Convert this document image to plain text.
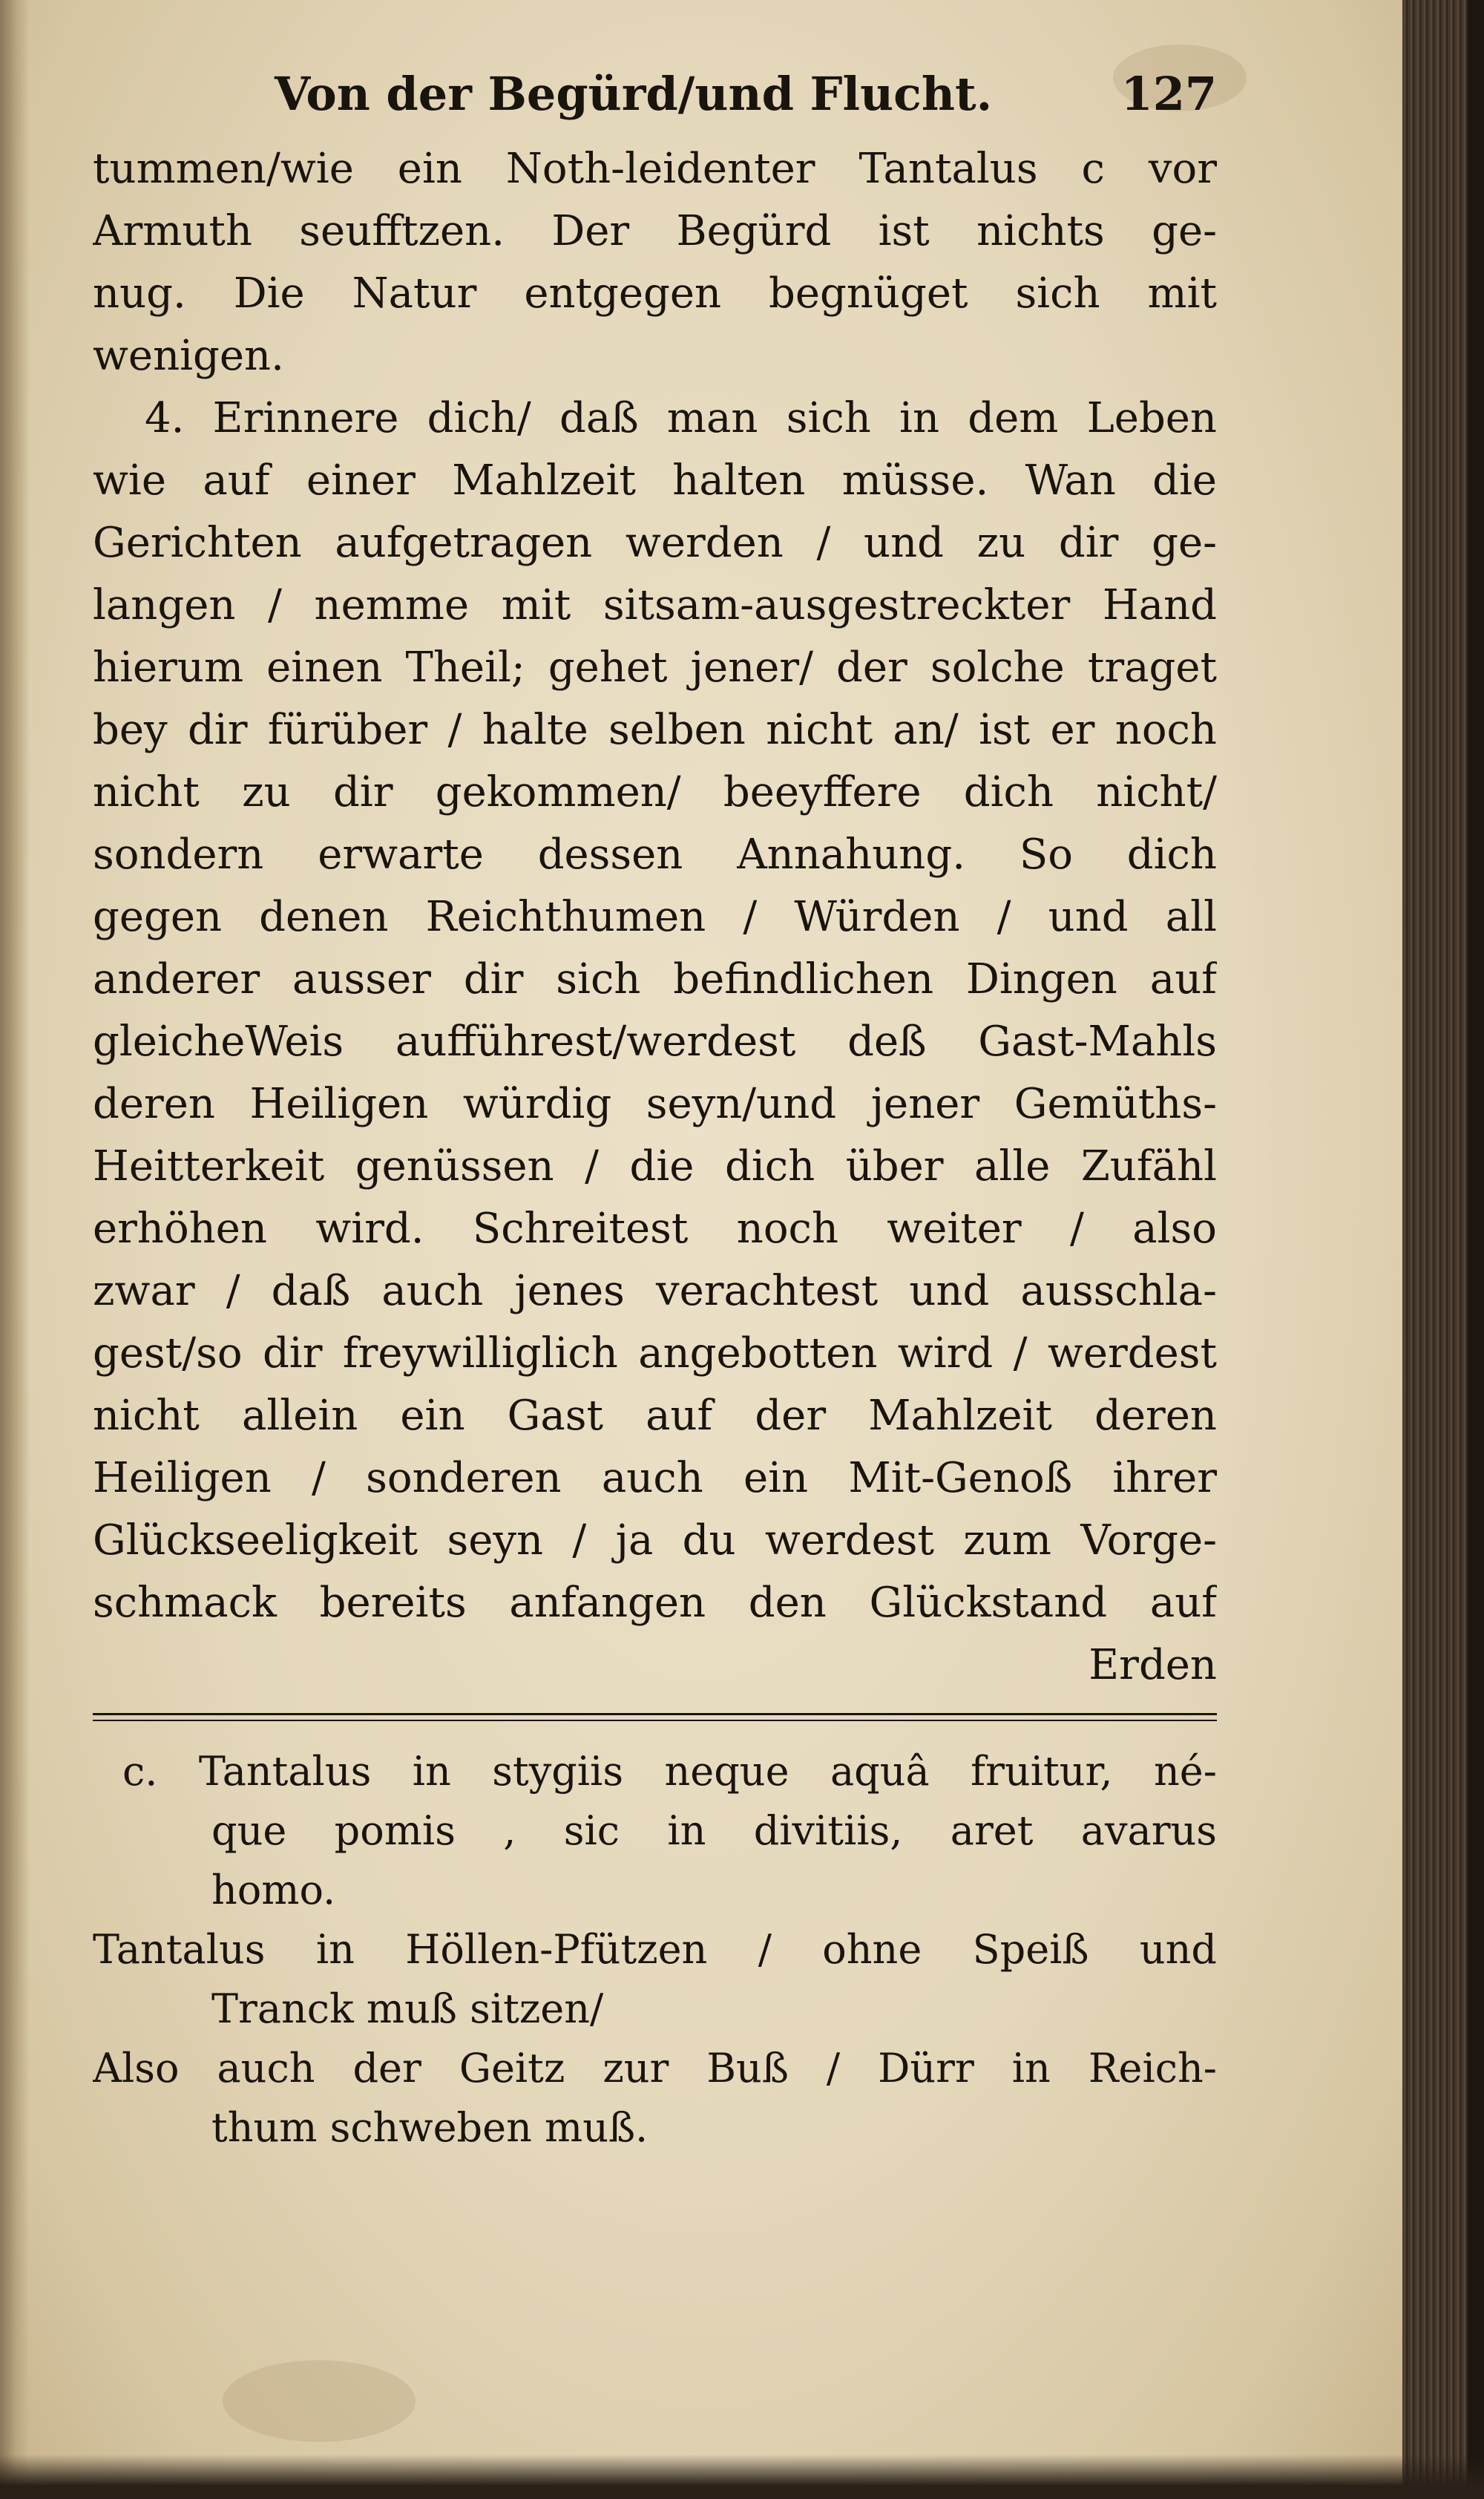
Von der Begürd/und Flucht.	127
tummen/wie ein Noth-leidenter Tantalus c vor
Armuth seufftzen. Der Begürd ist nichts ge-
nug. Die Natur entgegen begnüget sich mit
wenigen.
4. Erinnere dich/ daß man sich in dem Leben
wie auf einer Mahlzeit halten müsse. Wan die
Gerichten aufgetragen werden / und zu dir ge-
langen / nemme mit sitsam-ausgestreckter Hand
hierum einen Theil; gehet jener/ der solche traget
bey dir fürüber / halte selben nicht an/ ist er noch
nicht zu dir gekommen/ beeyffere dich nicht/
sondern erwarte dessen Annahung. So dich
gegen denen Reichthumen / Würden / und all
anderer ausser dir sich befindlichen Dingen auf
gleicheWeis aufführest/werdest deß Gast-Mahls
deren Heiligen würdig seyn/und jener Gemüths-
Heitterkeit genüssen / die dich über alle Zufähl
erhöhen wird. Schreitest noch weiter / also
zwar / daß auch jenes verachtest und ausschla-
gest/so dir freywilliglich angebotten wird / werdest
nicht allein ein Gast auf der Mahlzeit deren
Heiligen / sonderen auch ein Mit-Genoß ihrer
Glückseeligkeit seyn / ja du werdest zum Vorge-
schmack bereits anfangen den Glückstand auf
Erden
c. Tantalus in stygiis neque aquâ fruitur, né-
que pomis , sic in divitiis, aret avarus
homo.
Tantalus in Höllen-Pfützen / ohne Speiß und
Tranck muß sitzen/
Also auch der Geitz zur Buß / Dürr in Reich-
thum schweben muß.
